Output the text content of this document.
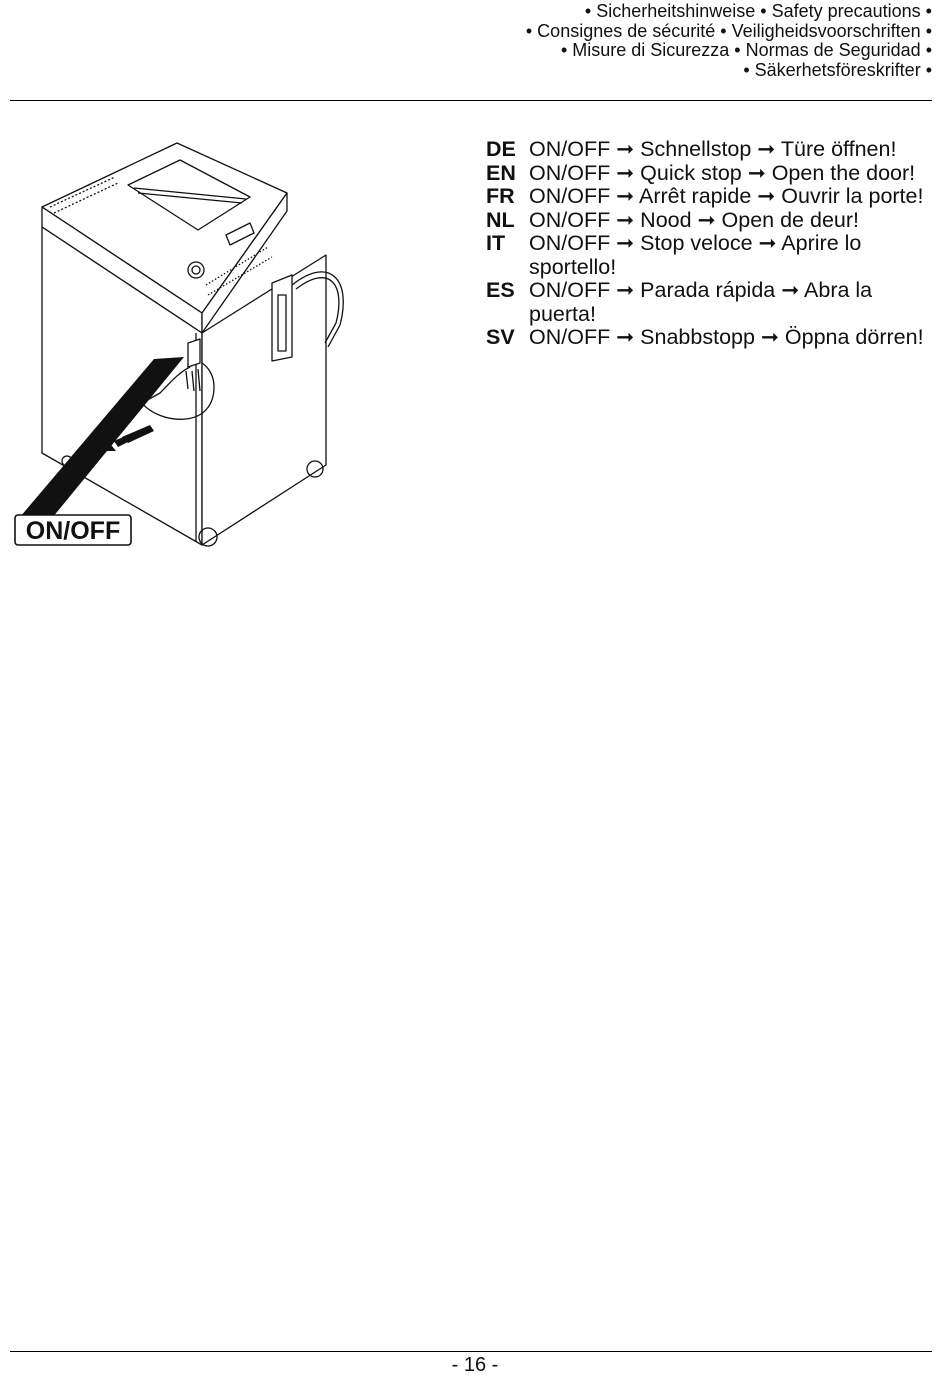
• Sicherheitshinweise • Safety precautions •
• Consignes de sécurité • Veiligheidsvoorschriften •
• Misure di Sicurezza • Normas de Seguridad •
• Säkerhetsföreskrifter •
ON/OFF
DE ON/OFF ➞ Schnellstop ➞ Türe öffnen!
EN ON/OFF ➞ Quick stop ➞ Open the door!
FR ON/OFF ➞ Arrêt rapide ➞ Ouvrir la porte!
NL ON/OFF ➞ Nood ➞ Open de deur!
IT	ON/OFF ➞ Stop veloce ➞ Aprire lo sportello!
ES ON/OFF ➞ Parada rápida ➞ Abra la puerta!
SV ON/OFF ➞ Snabbstopp ➞ Öppna dörren!
- 16 -
